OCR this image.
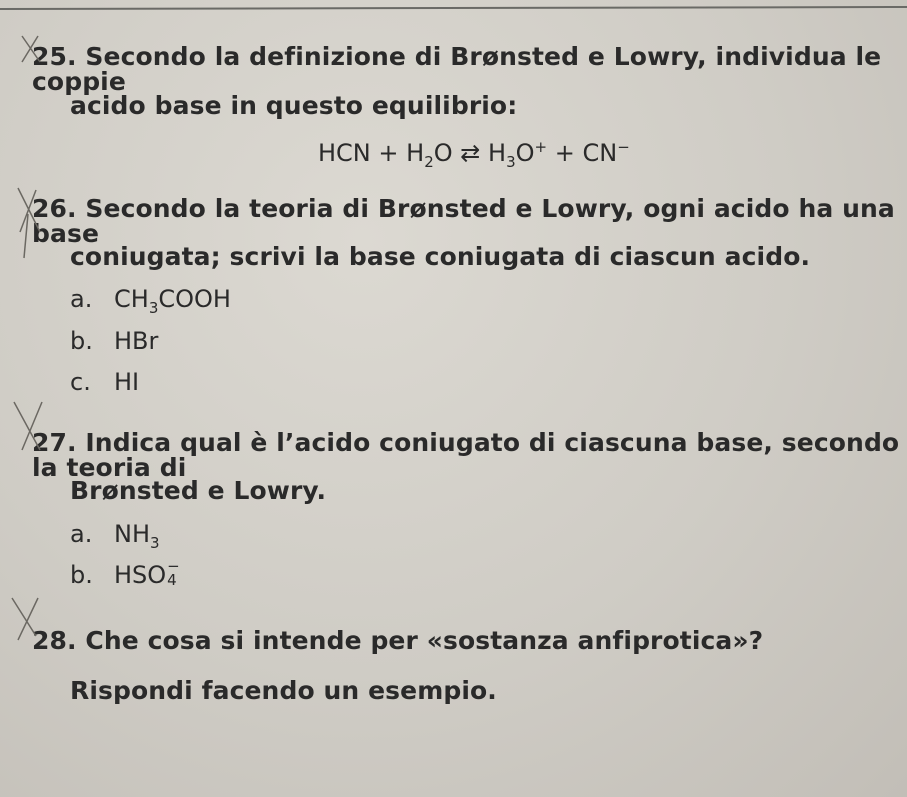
25. Secondo la definizione di Brønsted e Lowry, individua le coppie
acido base in questo equilibrio:
HCN + $H_2O$ ⇄ $H_3O^+ + CN^-$
26. Secondo la teoria di Brønsted e Lowry, ogni acido ha una base
coniugata; scrivi la base coniugata di ciascun acido.
a. $CH_3COOH$
b. HBr
c. HI
27. Indica qual è l’acido coniugato di ciascuna base, secondo la teoria di
Brønsted e Lowry.
a. $NH_3$
b. HSO −
4
28. Che cosa si intende per «sostanza anfiprotica»?
Rispondi facendo un esempio.
